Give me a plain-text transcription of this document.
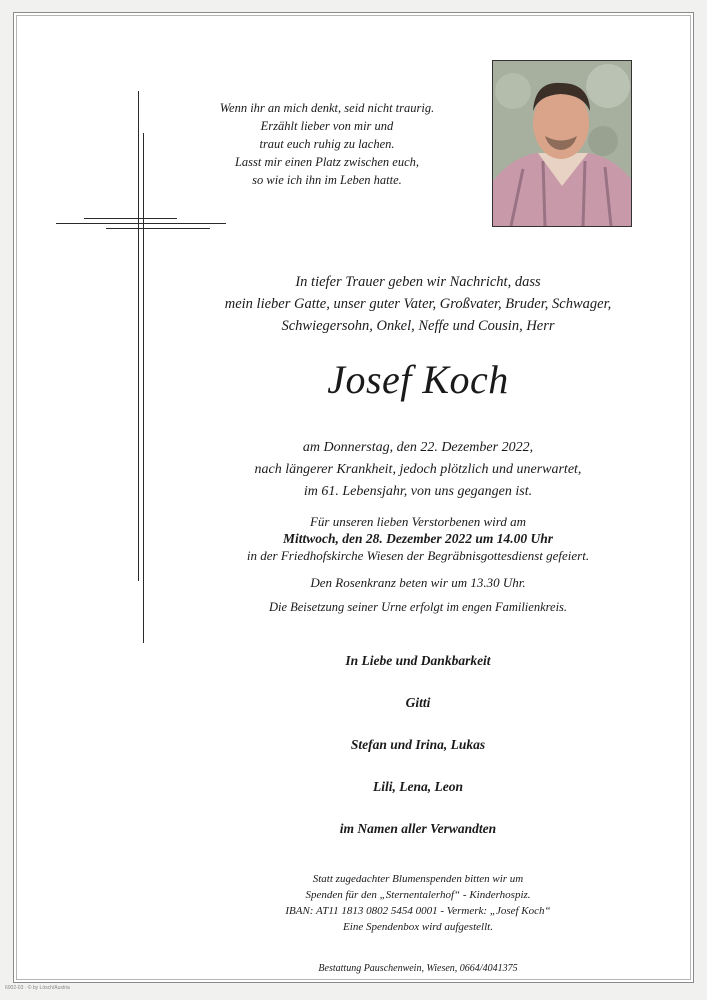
Wenn ihr an mich denkt, seid nicht traurig.
Erzählt lieber von mir und
traut euch ruhig zu lachen.
Lasst mir einen Platz zwischen euch,
so wie ich ihn im Leben hatte.
In tiefer Trauer geben wir Nachricht, dass
mein lieber Gatte, unser guter Vater, Großvater, Bruder, Schwager,
Schwiegersohn, Onkel, Neffe und Cousin, Herr
Josef Koch
am Donnerstag, den 22. Dezember 2022,
nach längerer Krankheit, jedoch plötzlich und unerwartet,
im 61. Lebensjahr, von uns gegangen ist.
Für unseren lieben Verstorbenen wird am
Mittwoch, den 28. Dezember 2022 um 14.00 Uhr
in der Friedhofskirche Wiesen der Begräbnisgottesdienst gefeiert.
Den Rosenkranz beten wir um 13.30 Uhr.
Die Beisetzung seiner Urne erfolgt im engen Familienkreis.
In Liebe und Dankbarkeit
Gitti
Stefan und Irina, Lukas
Lili, Lena, Leon
im Namen aller Verwandten
Statt zugedachter Blumenspenden bitten wir um
Spenden für den „Sternentalerhof“ - Kinderhospiz.
IBAN: AT11 1813 0802 5454 0001 - Vermerk: „Josef Koch“
Eine Spendenbox wird aufgestellt.
Bestattung Pauschenwein, Wiesen, 0664/4041375
6002-03 · © by Lösch/Austria
